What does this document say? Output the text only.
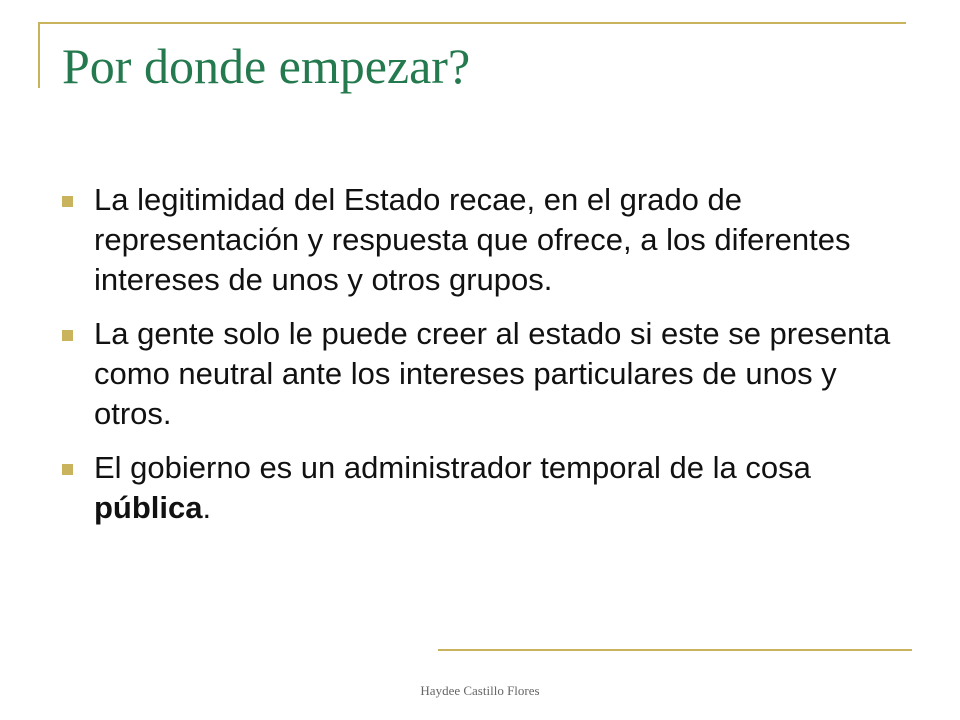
Por donde empezar?
La legitimidad del Estado recae, en el grado de representación y respuesta que ofrece, a los diferentes intereses de unos y otros grupos.
La gente solo le puede creer al estado si este se presenta como neutral ante los intereses particulares de unos y otros.
El gobierno es un administrador temporal de la cosa pública.
Haydee Castillo Flores
